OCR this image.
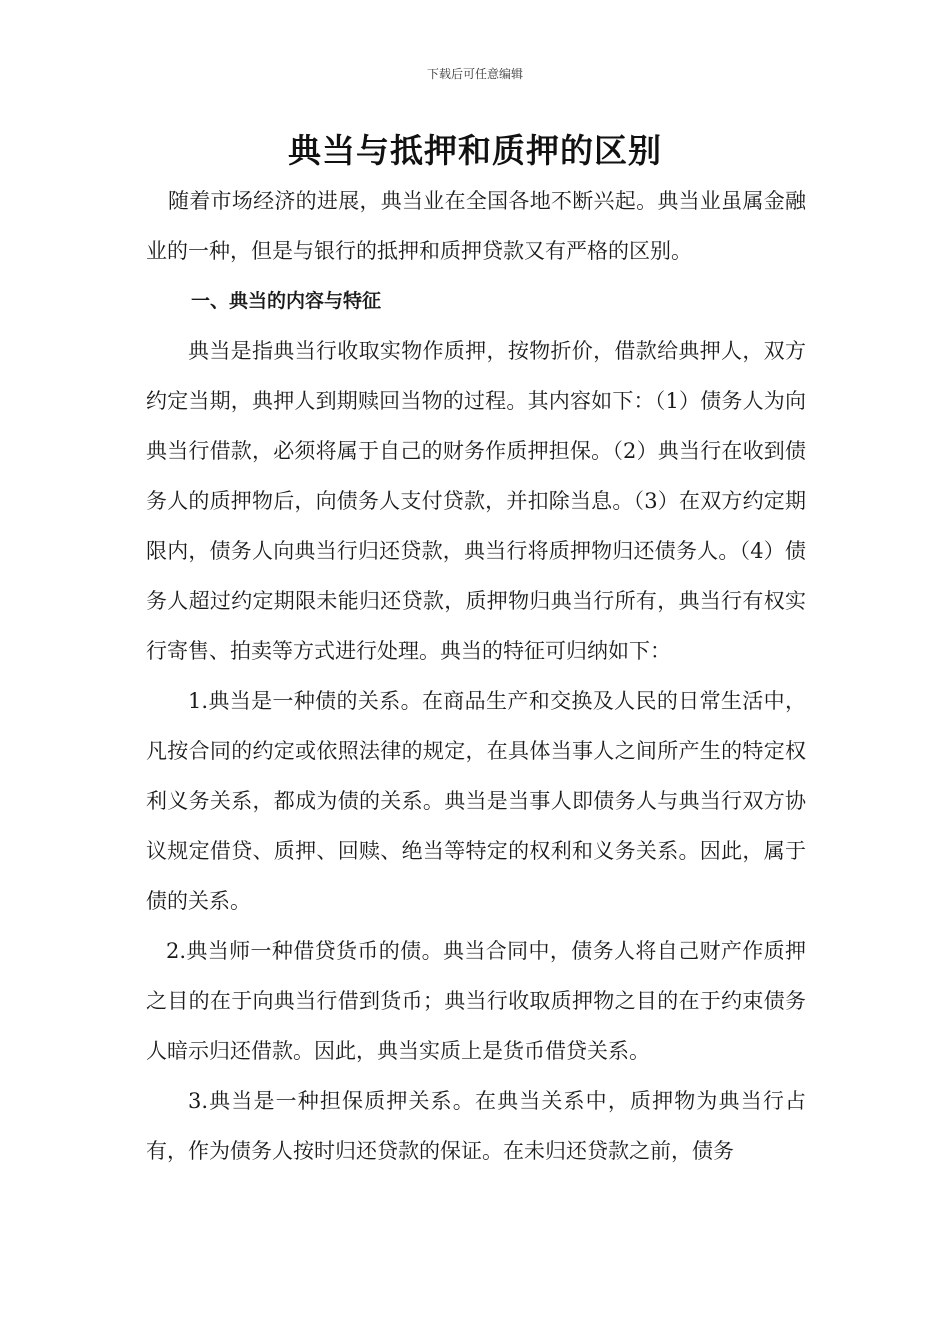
下载后可任意编辑
典当与抵押和质押的区别

随着市场经济的进展，典当业在全国各地不断兴起。典当业虽属金融业的一种，但是与银行的抵押和质押贷款又有严格的区别。

一、典当的内容与特征

典当是指典当行收取实物作质押，按物折价，借款给典押人，双方约定当期，典押人到期赎回当物的过程。其内容如下：（1）债务人为向典当行借款，必须将属于自己的财务作质押担保。（2）典当行在收到债务人的质押物后，向债务人支付贷款，并扣除当息。（3）在双方约定期限内，债务人向典当行归还贷款，典当行将质押物归还债务人。（4）债务人超过约定期限未能归还贷款，质押物归典当行所有，典当行有权实行寄售、拍卖等方式进行处理。典当的特征可归纳如下：

1.典当是一种债的关系。在商品生产和交换及人民的日常生活中，凡按合同的约定或依照法律的规定，在具体当事人之间所产生的特定权利义务关系，都成为债的关系。典当是当事人即债务人与典当行双方协议规定借贷、质押、回赎、绝当等特定的权利和义务关系。因此，属于债的关系。

2.典当师一种借贷货币的债。典当合同中，债务人将自己财产作质押之目的在于向典当行借到货币；典当行收取质押物之目的在于约束债务人暗示归还借款。因此，典当实质上是货币借贷关系。

3.典当是一种担保质押关系。在典当关系中，质押物为典当行占有，作为债务人按时归还贷款的保证。在未归还贷款之前，债务
